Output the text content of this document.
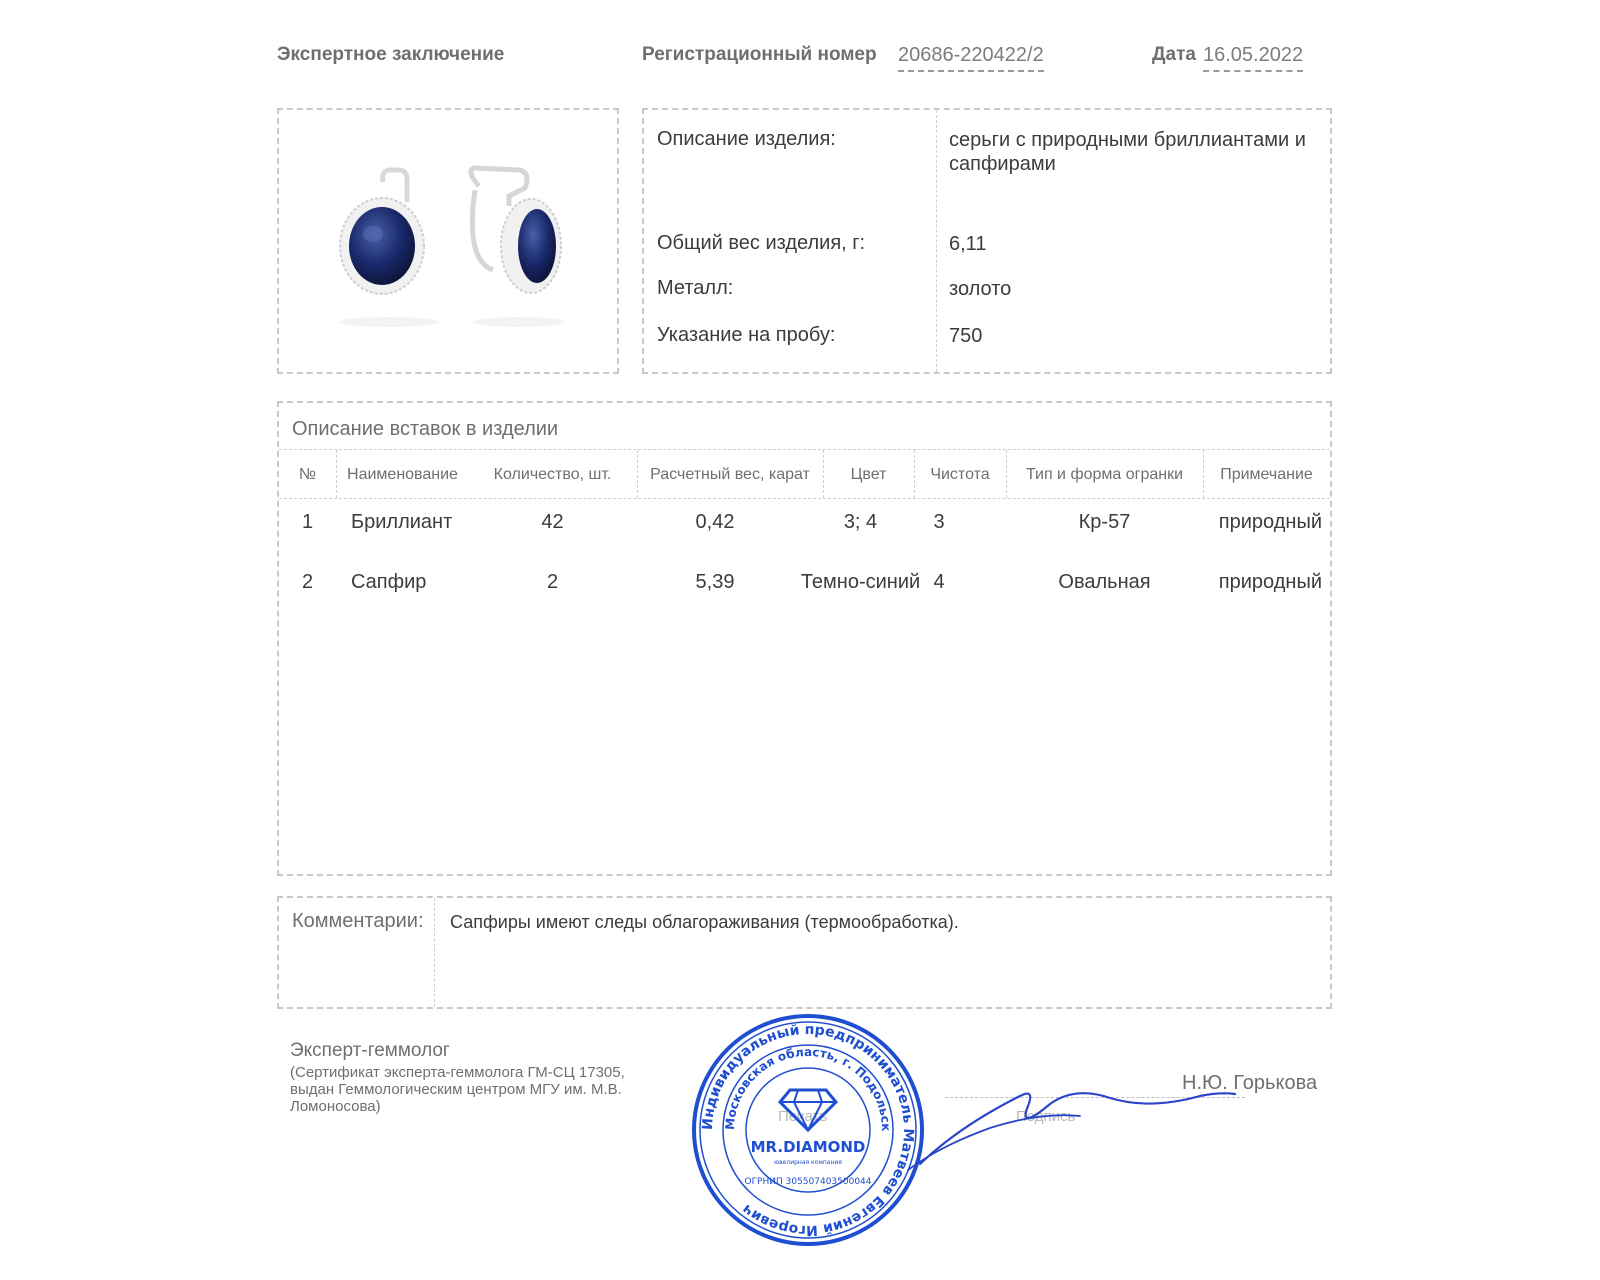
Экспертное заключение	Регистрационный номер 20686-220422/2	Дата 16.05.2022
Описание изделия:	серьги с природными бриллиантами и сапфирами
Общий вес изделия, г:	6,11
Металл:	золото
Указание на пробу:	750
Описание вставок в изделии
№	Наименование	Количество, шт.	Расчетный вес, карат	Цвет	Чистота	Тип и форма огранки	Примечание
1	Бриллиант	42	0,42	3; 4	3	Кр-57	природный
2	Сапфир	2	5,39	Темно-синий 4	Овальная	природный
Комментарии: Сапфиры имеют следы облагораживания (термообработка).
Эксперт-геммолог
(Сертификат эксперта-геммолога ГМ-СЦ 17305, выдан Геммологическим центром МГУ им. М.В. Ломоносова)
Печать	Подпись
Н.Ю. Горькова
Индивидуальный предприниматель Матвеев Евгений Игоревич
Московская область, г. Подольск
MR.DIAMOND
ювелирная компания
ОГРНИП 305507403500044
